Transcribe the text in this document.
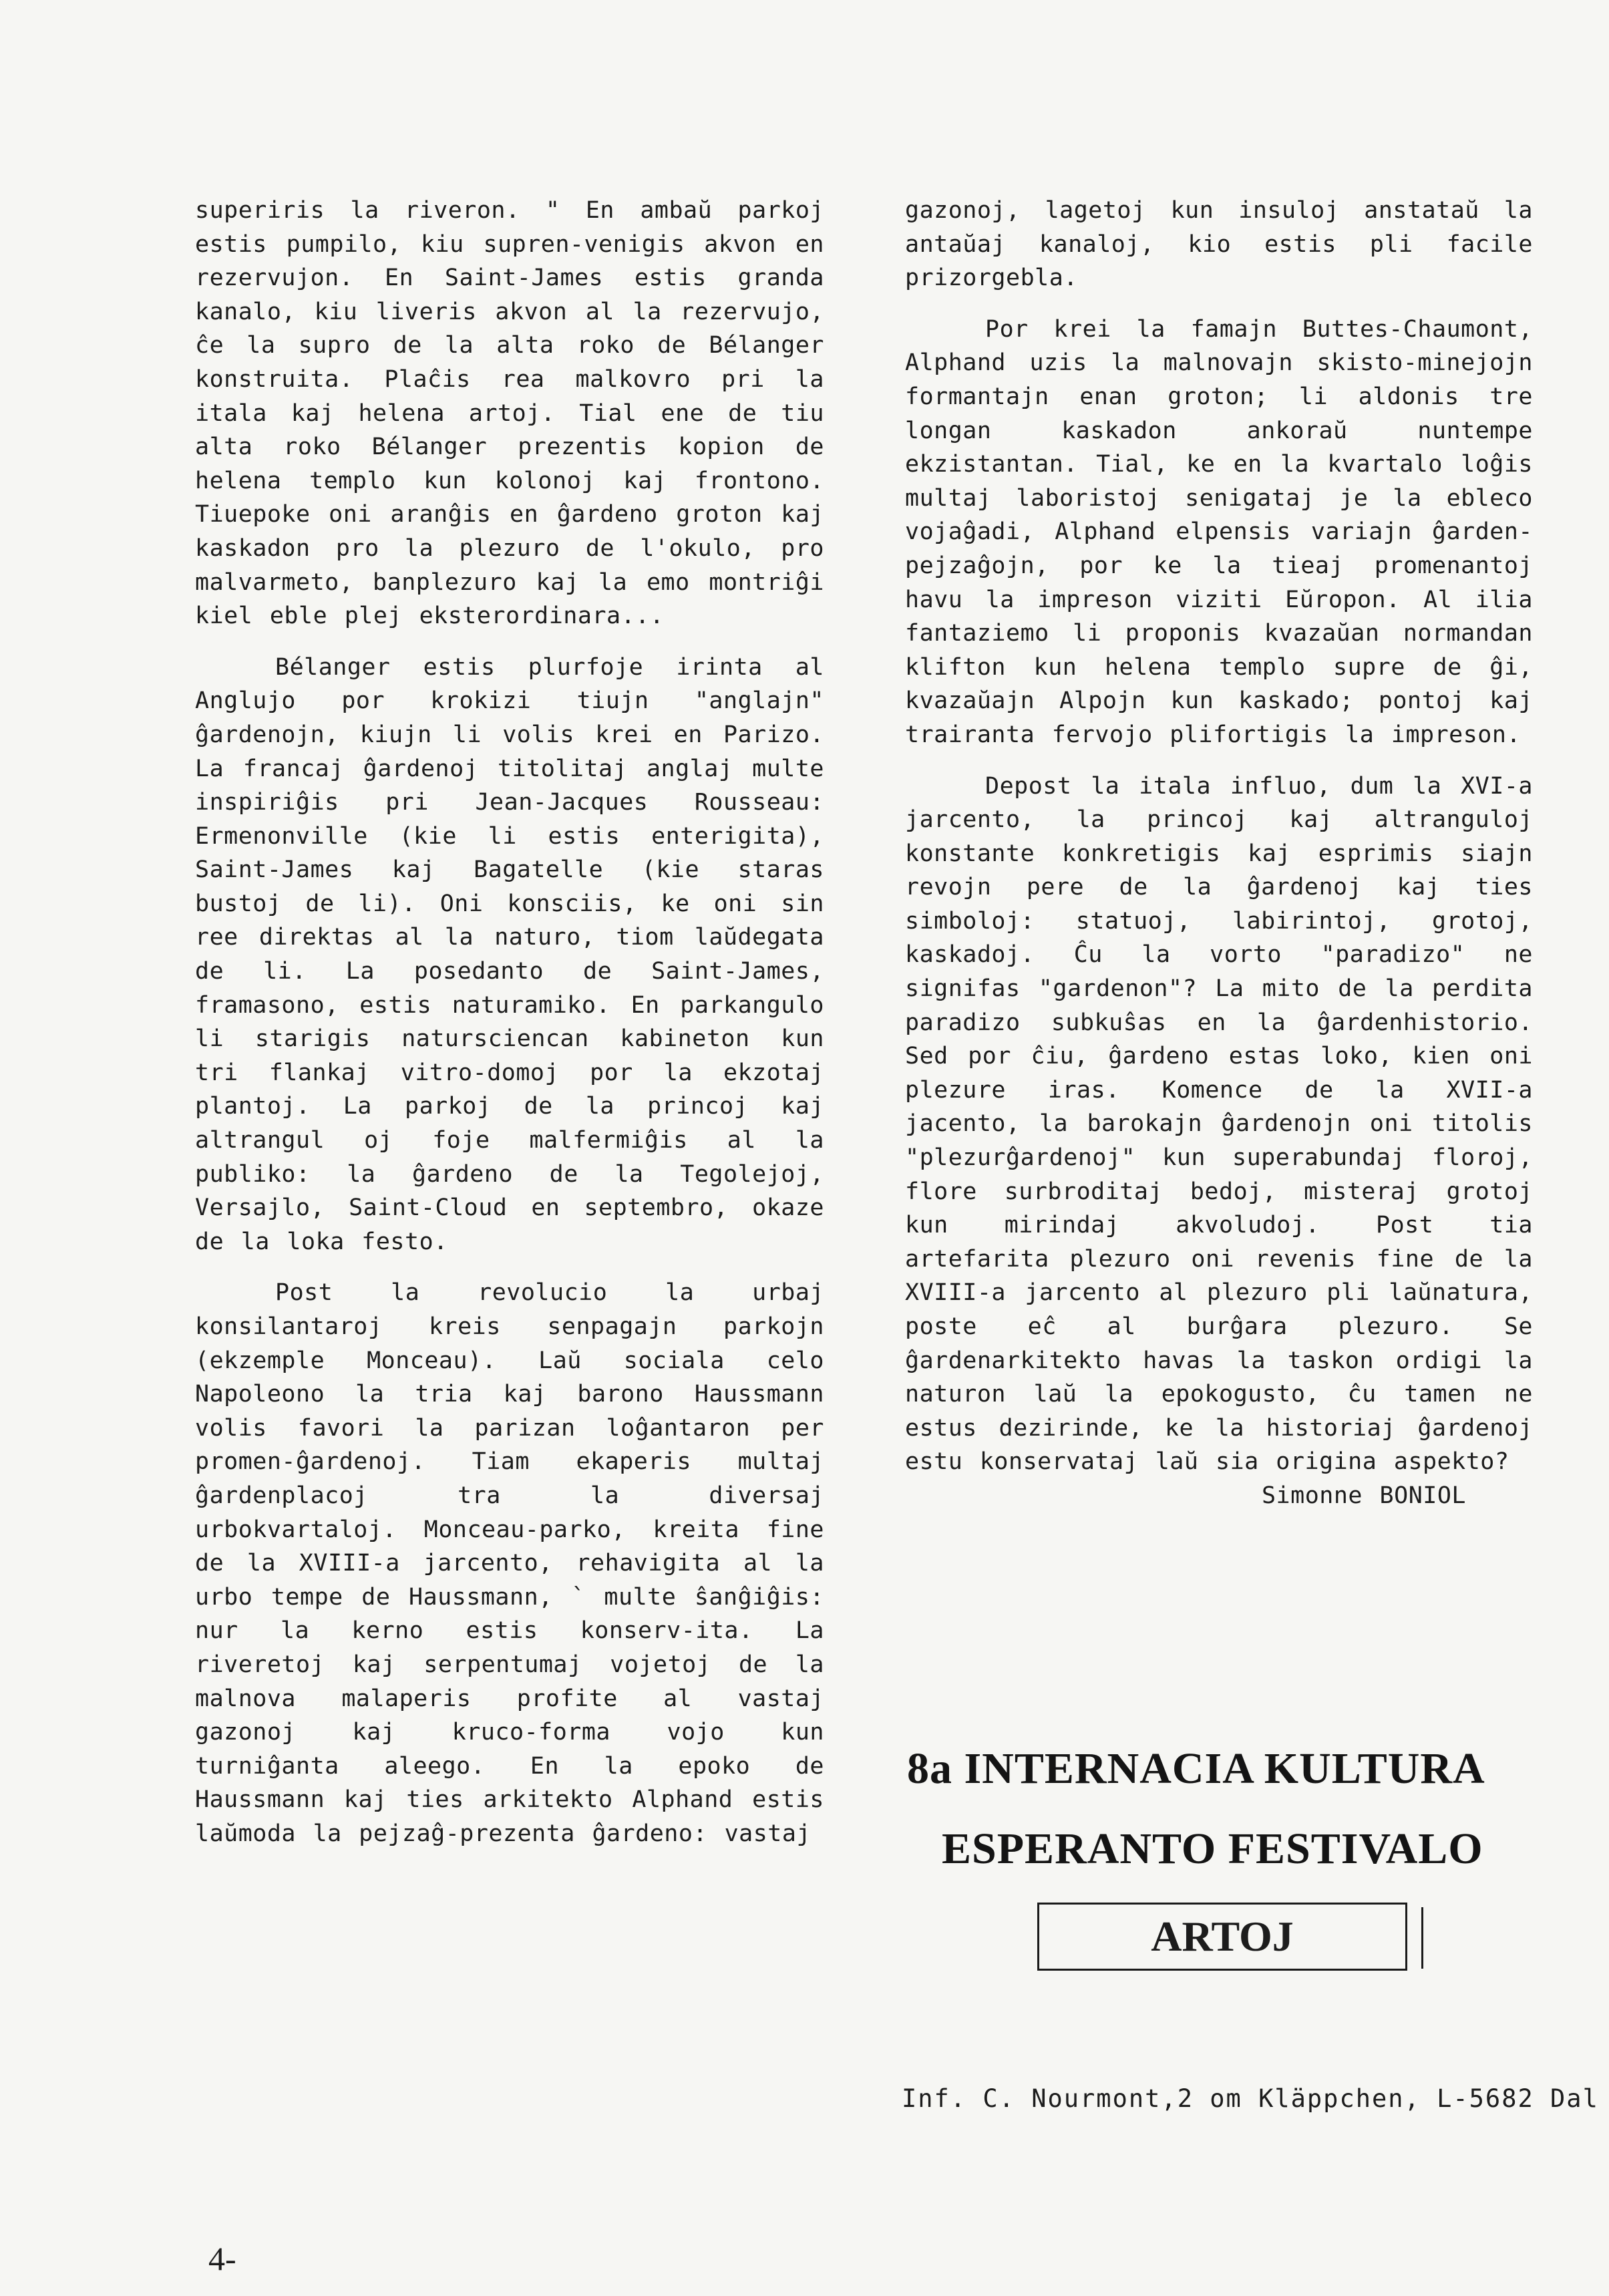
superiris la riveron. " En ambaŭ parkoj estis pumpilo, kiu supren-venigis akvon en rezervujon. En Saint-James estis granda kanalo, kiu liveris akvon al la rezervujo, ĉe la supro de la alta roko de Bélanger konstruita. Plaĉis rea malkovro pri la itala kaj helena artoj. Tial ene de tiu alta roko Bélanger prezentis kopion de helena templo kun kolonoj kaj frontono. Tiuepoke oni aranĝis en ĝardeno groton kaj kaskadon pro la plezuro de l'okulo, pro malvarmeto, banplezuro kaj la emo montriĝi kiel eble plej eksterordinara...

Bélanger estis plurfoje irinta al Anglujo por krokizi tiujn "anglajn" ĝardenojn, kiujn li volis krei en Parizo. La francaj ĝardenoj titolitaj anglaj multe inspiriĝis pri Jean-Jacques Rousseau: Ermenonville (kie li estis enterigita), Saint-James kaj Bagatelle (kie staras bustoj de li). Oni konsciis, ke oni sin ree direktas al la naturo, tiom laŭdegata de li. La posedanto de Saint-James, framasono, estis naturamiko. En parkangulo li starigis natursciencan kabineton kun tri flankaj vitro-domoj por la ekzotaj plantoj. La parkoj de la princoj kaj altrangul oj foje malfermiĝis al la publiko: la ĝardeno de la Tegolejoj, Versajlo, Saint-Cloud en septembro, okaze de la loka festo.

Post la revolucio la urbaj konsilantaroj kreis senpagajn parkojn (ekzemple Monceau). Laŭ sociala celo Napoleono la tria kaj barono Haussmann volis favori la parizan loĝantaron per promen-ĝardenoj. Tiam ekaperis multaj ĝardenplacoj tra la diversaj urbokvartaloj. Monceau-parko, kreita fine de la XVIII-a jarcento, rehavigita al la urbo tempe de Haussmann, ` multe ŝanĝiĝis: nur la kerno estis konserv-ita. La riveretoj kaj serpentumaj vojetoj de la malnova malaperis profite al vastaj gazonoj kaj kruco-forma vojo kun turniĝanta aleego. En la epoko de Haussmann kaj ties arkitekto Alphand estis laŭmoda la pejzaĝ-prezenta ĝardeno: vastaj

gazonoj, lagetoj kun insuloj anstataŭ la antaŭaj kanaloj, kio estis pli facile prizorgebla.

Por krei la famajn Buttes-Chaumont, Alphand uzis la malnovajn skisto-minejojn formantajn enan groton; li aldonis tre longan kaskadon ankoraŭ nuntempe ekzistantan. Tial, ke en la kvartalo loĝis multaj laboristoj senigataj je la ebleco vojaĝadi, Alphand elpensis variajn ĝarden-pejzaĝojn, por ke la tieaj promenantoj havu la impreson viziti Eŭropon. Al ilia fantaziemo li proponis kvazaŭan normandan klifton kun helena templo supre de ĝi, kvazaŭajn Alpojn kun kaskado; pontoj kaj trairanta fervojo plifortigis la impreson.

Depost la itala influo, dum la XVI-a jarcento, la princoj kaj altranguloj konstante konkretigis kaj esprimis siajn revojn pere de la ĝardenoj kaj ties simboloj: statuoj, labirintoj, grotoj, kaskadoj. Ĉu la vorto "paradizo" ne signifas "gardenon"? La mito de la perdita paradizo subkuŝas en la ĝardenhistorio. Sed por ĉiu, ĝardeno estas loko, kien oni plezure iras. Komence de la XVII-a jacento, la barokajn ĝardenojn oni titolis "plezurĝardenoj" kun superabundaj floroj, flore surbroditaj bedoj, misteraj grotoj kun mirindaj akvoludoj. Post tia artefarita plezuro oni revenis fine de la XVIII-a jarcento al plezuro pli laŭnatura, poste eĉ al burĝara plezuro. Se ĝardenarkitekto havas la taskon ordigi la naturon laŭ la epokogusto, ĉu tamen ne estus dezirinde, ke la historiaj ĝardenoj estu konservataj laŭ sia origina aspekto?

Simonne BONIOL

8a INTERNACIA KULTURA
ESPERANTO FESTIVALO
ARTOJ
Inf. C. Nourmont,2 om Kläppchen, L-5682 Dal
4-
